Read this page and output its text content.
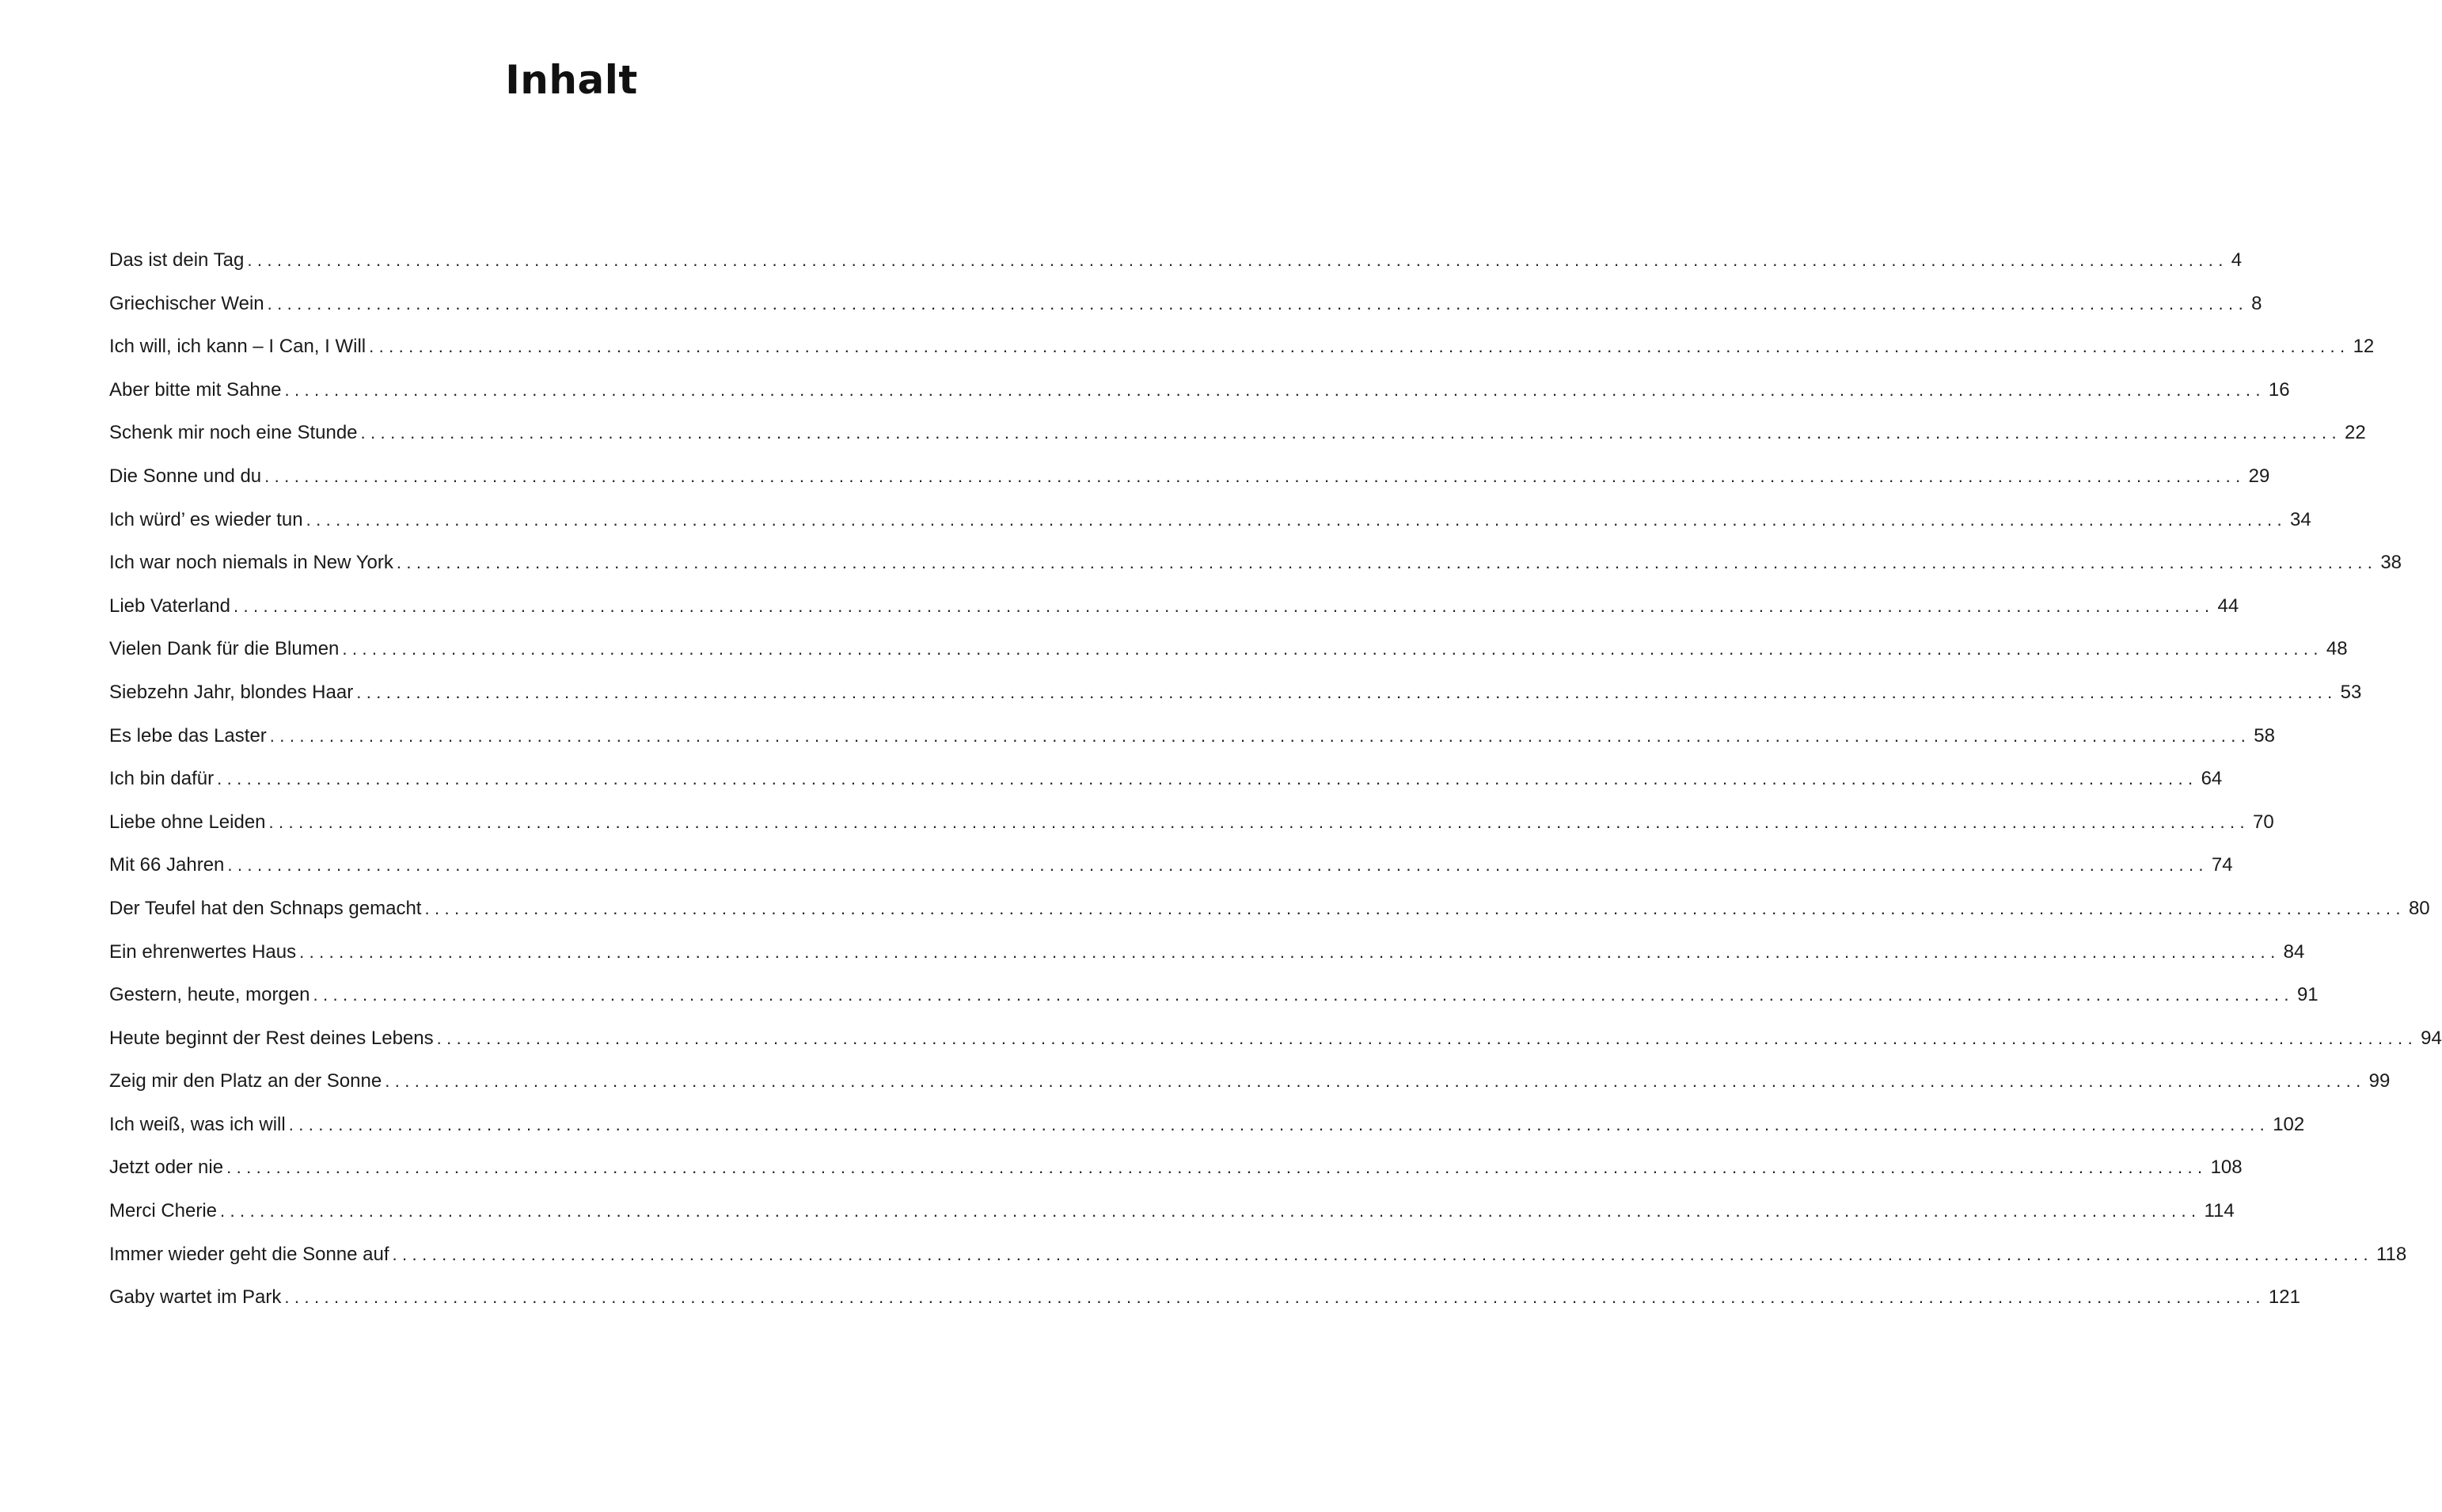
Inhalt
Das ist dein Tag ........................................................................................................................................................................................................ 4
Griechischer Wein ........................................................................................................................................................................................................ 8
Ich will, ich kann – I Can, I Will ........................................................................................................................................................................................................ 12
Aber bitte mit Sahne ........................................................................................................................................................................................................ 16
Schenk mir noch eine Stunde ........................................................................................................................................................................................................ 22
Die Sonne und du ........................................................................................................................................................................................................ 29
Ich würd’ es wieder tun ........................................................................................................................................................................................................ 34
Ich war noch niemals in New York ........................................................................................................................................................................................................ 38
Lieb Vaterland ........................................................................................................................................................................................................ 44
Vielen Dank für die Blumen ........................................................................................................................................................................................................ 48
Siebzehn Jahr, blondes Haar ........................................................................................................................................................................................................ 53
Es lebe das Laster ........................................................................................................................................................................................................ 58
Ich bin dafür ........................................................................................................................................................................................................ 64
Liebe ohne Leiden ........................................................................................................................................................................................................ 70
Mit 66 Jahren ........................................................................................................................................................................................................ 74
Der Teufel hat den Schnaps gemacht ........................................................................................................................................................................................................ 80
Ein ehrenwertes Haus ........................................................................................................................................................................................................ 84
Gestern, heute, morgen ........................................................................................................................................................................................................ 91
Heute beginnt der Rest deines Lebens ........................................................................................................................................................................................................ 94
Zeig mir den Platz an der Sonne ........................................................................................................................................................................................................ 99
Ich weiß, was ich will ........................................................................................................................................................................................................ 102
Jetzt oder nie ........................................................................................................................................................................................................ 108
Merci Cherie ........................................................................................................................................................................................................ 114
Immer wieder geht die Sonne auf ........................................................................................................................................................................................................ 118
Gaby wartet im Park ........................................................................................................................................................................................................ 121
